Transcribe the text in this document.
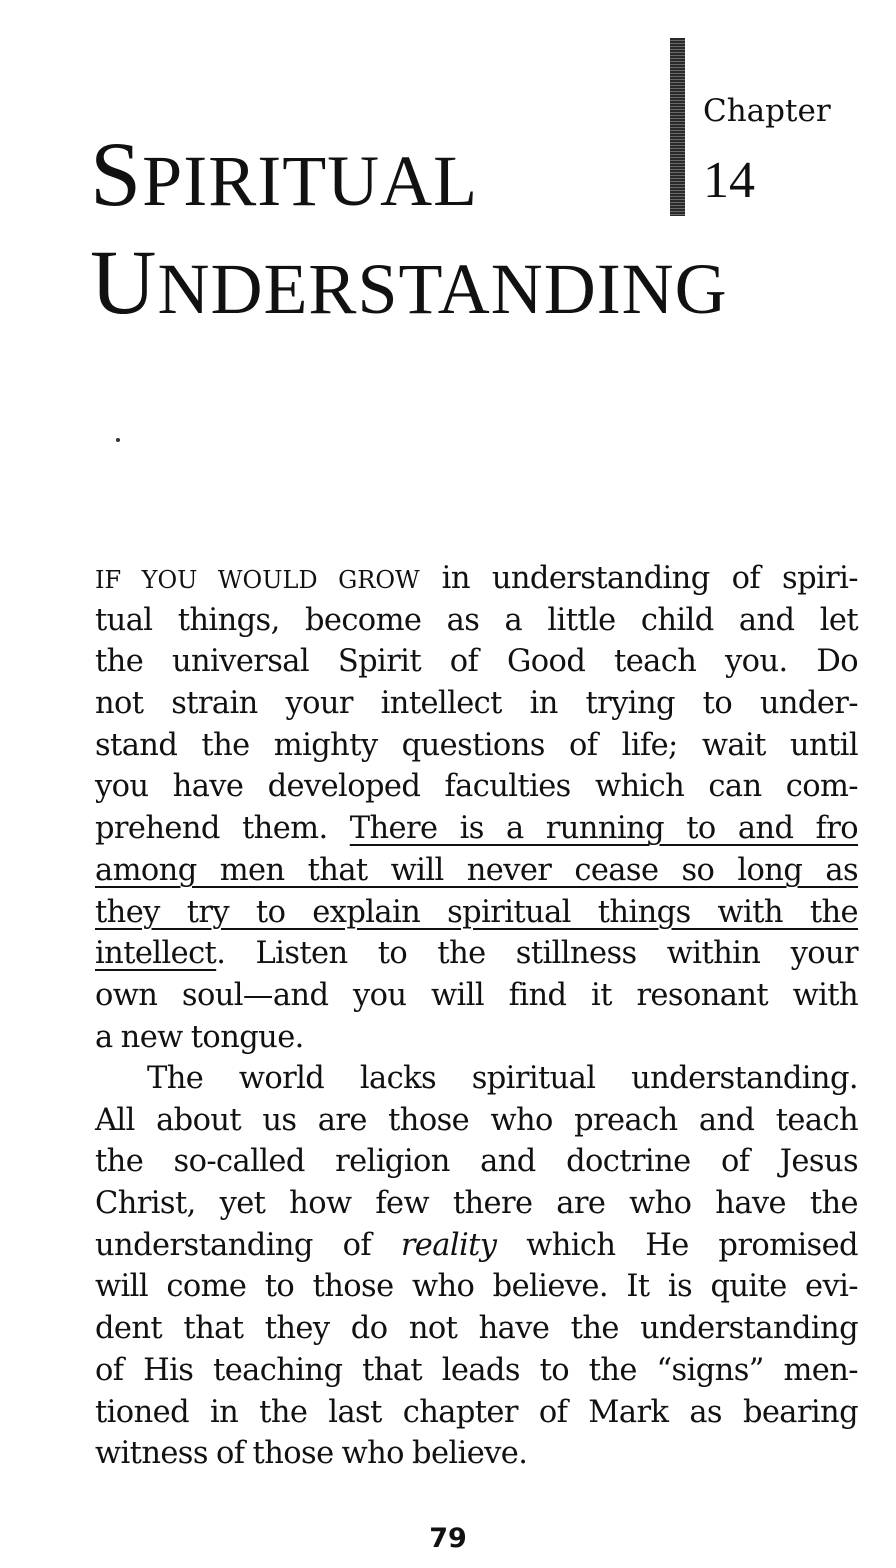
SPIRITUAL
UNDERSTANDING
Chapter
14
IF YOU WOULD GROW in understanding of spiri-
tual things, become as a little child and let
the universal Spirit of Good teach you. Do
not strain your intellect in trying to under-
stand the mighty questions of life; wait until
you have developed faculties which can com-
prehend them. There is a running to and fro
among men that will never cease so long as
they try to explain spiritual things with the
intellect. Listen to the stillness within your
own soul—and you will find it resonant with
a new tongue.
The world lacks spiritual understanding.
All about us are those who preach and teach
the so-called religion and doctrine of Jesus
Christ, yet how few there are who have the
understanding of reality which He promised
will come to those who believe. It is quite evi-
dent that they do not have the understanding
of His teaching that leads to the “signs” men-
tioned in the last chapter of Mark as bearing
witness of those who believe.
79
